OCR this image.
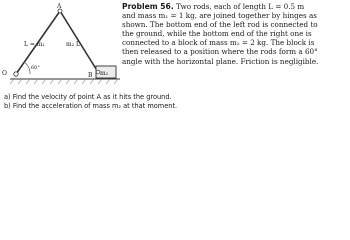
A
L = m₁	m₂ L
O
60°
B m₂
Problem 56. Two rods, each of length L = 0.5 m
and mass m₁ = 1 kg, are joined together by hinges as
shown. The bottom end of the left rod is connected to
the ground, while the bottom end of the right one is
connected to a block of mass m₂ = 2 kg. The block is
then released to a position where the rods form a 60°
angle with the horizontal plane. Friction is negligible.
a) Find the velocity of point A as it hits the ground.
b) Find the acceleration of mass m₂ at that moment.
